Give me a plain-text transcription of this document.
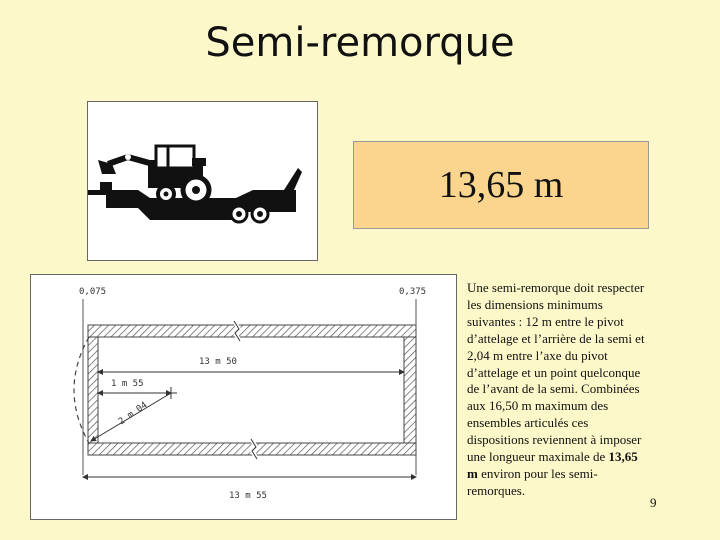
Semi-remorque
13,65 m
0,075	0,375
13 m 50
1 m 55
2 m 04
13 m 55
Une semi-remorque doit respecter les dimensions minimums suivantes : 12 m entre le pivot d’attelage et l’arrière de la semi et 2,04 m entre l’axe du pivot d’attelage et un point quelconque de l’avant de la semi. Combinées aux 16,50 m maximum des ensembles articulés ces dispositions reviennent à imposer une longueur maximale de 13,65 m environ pour les semi-remorques.
9
